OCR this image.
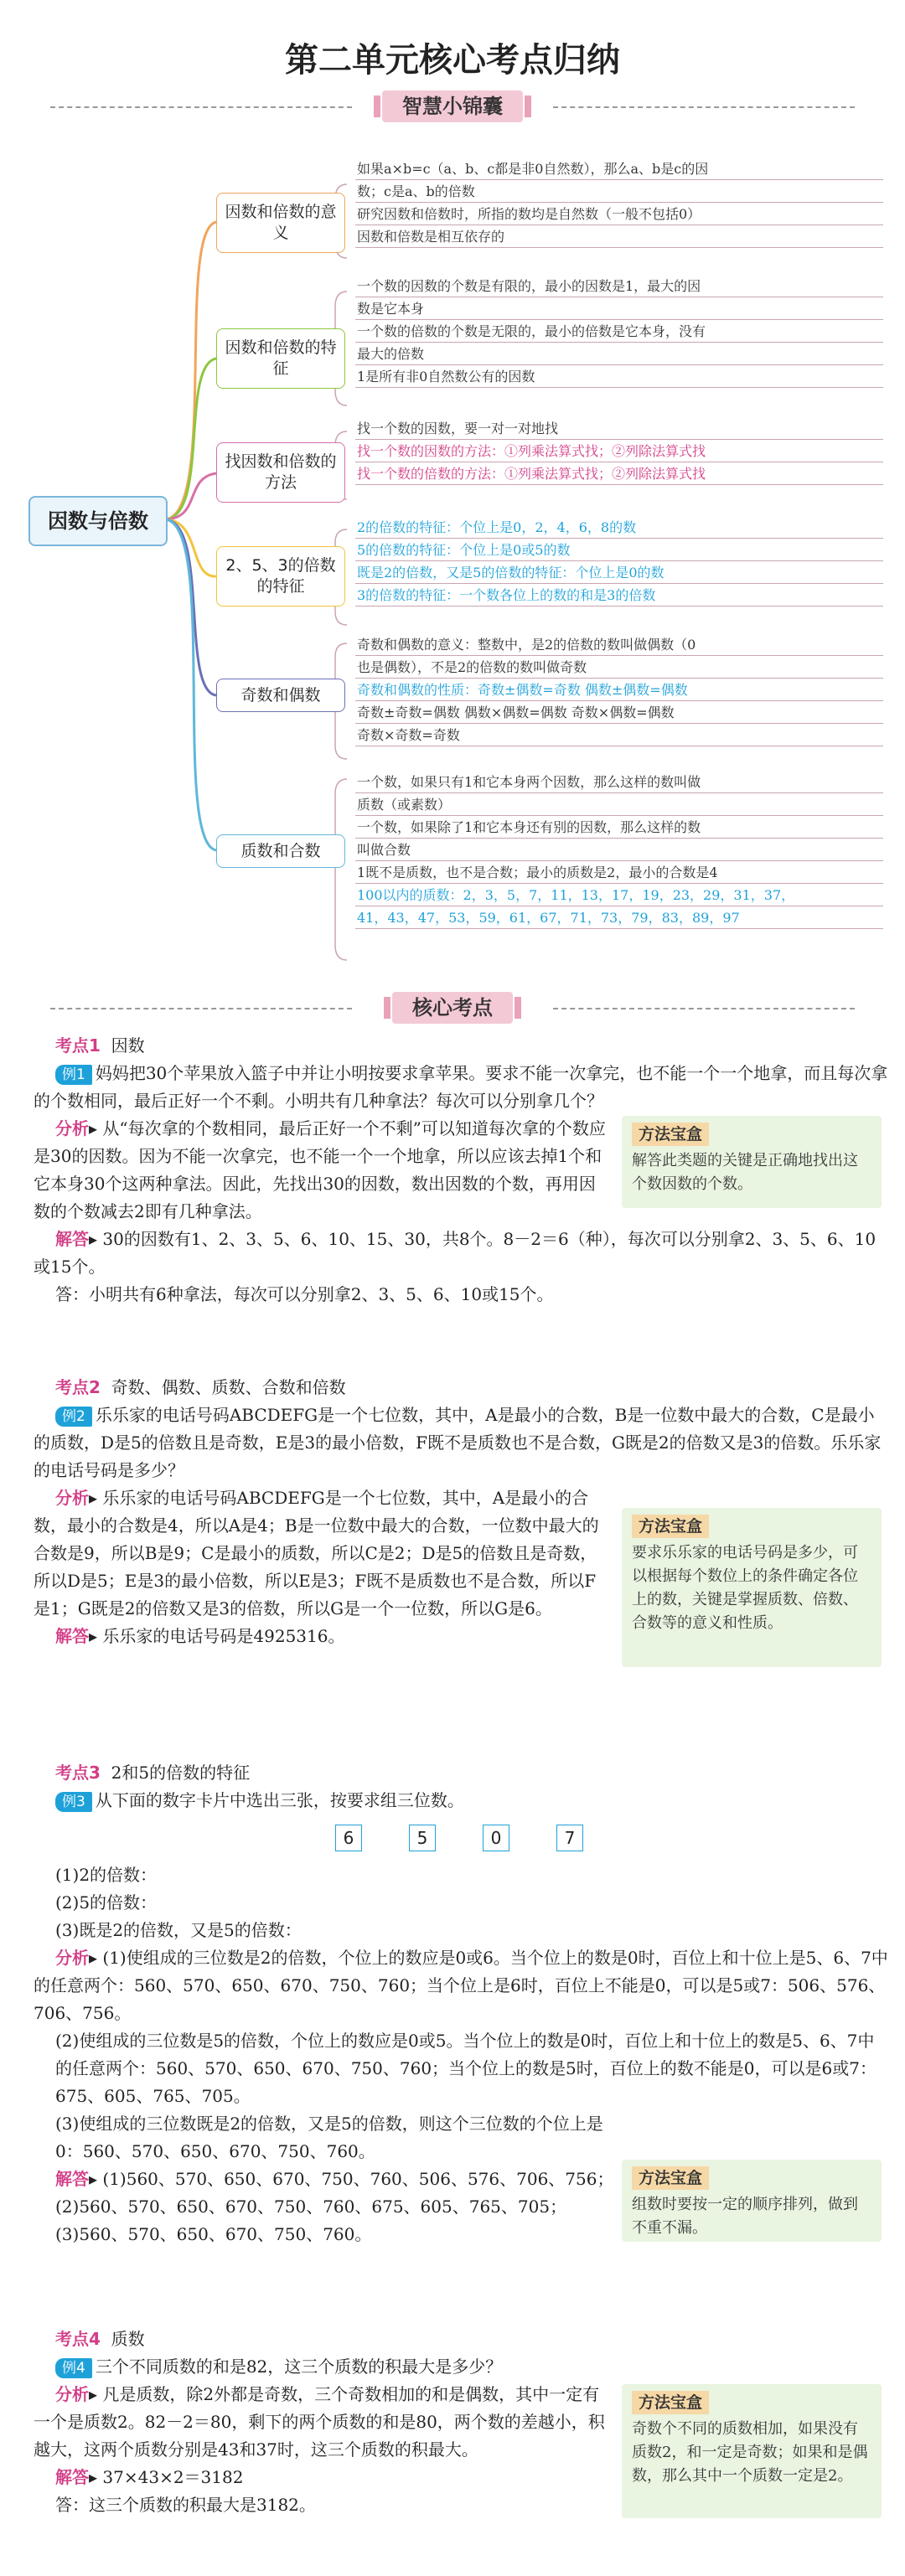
第二单元核心考点归纳
智慧小锦囊
因数与倍数
因数和倍数的意义
因数和倍数的特征
找因数和倍数的方法
2、5、3的倍数的特征
奇数和偶数
质数和合数
如果a×b=c（a、b、c都是非0自然数），那么a、b是c的因
数；c是a、b的倍数
研究因数和倍数时，所指的数均是自然数（一般不包括0）
因数和倍数是相互依存的
一个数的因数的个数是有限的，最小的因数是1，最大的因
数是它本身
一个数的倍数的个数是无限的，最小的倍数是它本身，没有
最大的倍数
1是所有非0自然数公有的因数
找一个数的因数，要一对一对地找
找一个数的因数的方法：①列乘法算式找；②列除法算式找
找一个数的倍数的方法：①列乘法算式找；②列除法算式找
2的倍数的特征：个位上是0，2，4，6，8的数
5的倍数的特征：个位上是0或5的数
既是2的倍数，又是5的倍数的特征：个位上是0的数
3的倍数的特征：一个数各位上的数的和是3的倍数
奇数和偶数的意义：整数中，是2的倍数的数叫做偶数（0
也是偶数），不是2的倍数的数叫做奇数
奇数和偶数的性质：奇数±偶数=奇数 偶数±偶数=偶数
奇数±奇数=偶数 偶数×偶数=偶数 奇数×偶数=偶数
奇数×奇数=奇数
一个数，如果只有1和它本身两个因数，那么这样的数叫做
质数（或素数）
一个数，如果除了1和它本身还有别的因数，那么这样的数
叫做合数
1既不是质数，也不是合数；最小的质数是2，最小的合数是4
100以内的质数：2，3，5，7，11，13，17，19，23，29，31，37，
41，43，47，53，59，61，67，71，73，79，83，89，97
核心考点
考点1 因数
例1 妈妈把30个苹果放入篮子中并让小明按要求拿苹果。要求不能一次拿完，也不能一个一个地拿，而且每次拿的个数相同，最后正好一个不剩。小明共有几种拿法？每次可以分别拿几个？
分析▸ 从“每次拿的个数相同，最后正好一个不剩”可以知道每次拿的个数应是30的因数。因为不能一次拿完，也不能一个一个地拿，所以应该去掉1个和它本身30个这两种拿法。因此，先找出30的因数，数出因数的个数，再用因数的个数减去2即有几种拿法。
解答▸ 30的因数有1、2、3、5、6、10、15、30，共8个。8－2＝6（种），每次可以分别拿2、3、5、6、10或15个。
答：小明共有6种拿法，每次可以分别拿2、3、5、6、10或15个。
方法宝盒
解答此类题的关键是正确地找出这个数因数的个数。
考点2 奇数、偶数、质数、合数和倍数
例2 乐乐家的电话号码ABCDEFG是一个七位数，其中，A是最小的合数，B是一位数中最大的合数，C是最小的质数，D是5的倍数且是奇数，E是3的最小倍数，F既不是质数也不是合数，G既是2的倍数又是3的倍数。乐乐家的电话号码是多少？
分析▸ 乐乐家的电话号码ABCDEFG是一个七位数，其中，A是最小的合数，最小的合数是4，所以A是4；B是一位数中最大的合数，一位数中最大的合数是9，所以B是9；C是最小的质数，所以C是2；D是5的倍数且是奇数，所以D是5；E是3的最小倍数，所以E是3；F既不是质数也不是合数，所以F是1；G既是2的倍数又是3的倍数，所以G是一个一位数，所以G是6。
解答▸ 乐乐家的电话号码是4925316。
方法宝盒
要求乐乐家的电话号码是多少，可以根据每个数位上的条件确定各位上的数，关键是掌握质数、倍数、合数等的意义和性质。
考点3 2和5的倍数的特征
例3 从下面的数字卡片中选出三张，按要求组三位数。
6	5	0	7
(1)2的倍数：
(2)5的倍数：
(3)既是2的倍数，又是5的倍数：
分析▸ (1)使组成的三位数是2的倍数，个位上的数应是0或6。当个位上的数是0时，百位上和十位上是5、6、7中的任意两个：560、570、650、670、750、760；当个位上是6时，百位上不能是0，可以是5或7：506、576、706、756。
(2)使组成的三位数是5的倍数，个位上的数应是0或5。当个位上的数是0时，百位上和十位上的数是5、6、7中的任意两个：560、570、650、670、750、760；当个位上的数是5时，百位上的数不能是0，可以是6或7：675、605、765、705。
(3)使组成的三位数既是2的倍数，又是5的倍数，则这个三位数的个位上是0：560、570、650、670、750、760。
解答▸ (1)560、570、650、670、750、760、506、576、706、756；
(2)560、570、650、670、750、760、675、605、765、705；
(3)560、570、650、670、750、760。
方法宝盒
组数时要按一定的顺序排列，做到不重不漏。
考点4 质数
例4 三个不同质数的和是82，这三个质数的积最大是多少？
分析▸ 凡是质数，除2外都是奇数，三个奇数相加的和是偶数，其中一定有一个是质数2。82－2＝80，剩下的两个质数的和是80，两个数的差越小，积越大，这两个质数分别是43和37时，这三个质数的积最大。
解答▸ 37×43×2＝3182
答：这三个质数的积最大是3182。
方法宝盒
奇数个不同的质数相加，如果没有质数2，和一定是奇数；如果和是偶数，那么其中一个质数一定是2。
